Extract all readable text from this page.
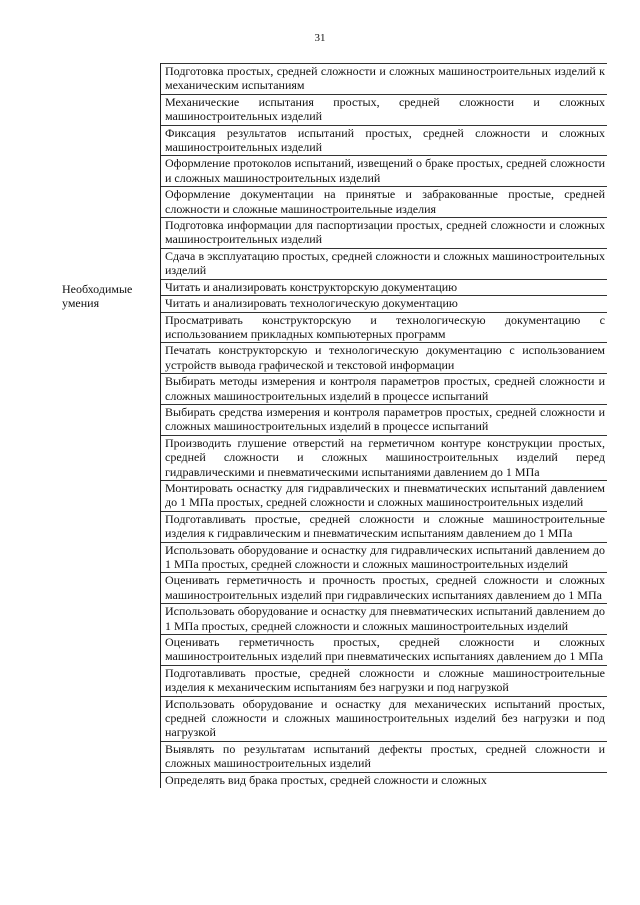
31
Подготовка простых, средней сложности и сложных машиностроительных изделий к механическим испытаниям
Механические испытания простых, средней сложности и сложных машиностроительных изделий
Фиксация результатов испытаний простых, средней сложности и сложных машиностроительных изделий
Оформление протоколов испытаний, извещений о браке простых, средней сложности и сложных машиностроительных изделий
Оформление документации на принятые и забракованные простые, средней сложности и сложные машиностроительные изделия
Подготовка информации для паспортизации простых, средней сложности и сложных машиностроительных изделий
Сдача в эксплуатацию простых, средней сложности и сложных машиностроительных изделий
Необходимые умения
Читать и анализировать конструкторскую документацию
Читать и анализировать технологическую документацию
Просматривать конструкторскую и технологическую документацию с использованием прикладных компьютерных программ
Печатать конструкторскую и технологическую документацию с использованием устройств вывода графической и текстовой информации
Выбирать методы измерения и контроля параметров простых, средней сложности и сложных машиностроительных изделий в процессе испытаний
Выбирать средства измерения и контроля параметров простых, средней сложности и сложных машиностроительных изделий в процессе испытаний
Производить глушение отверстий на герметичном контуре конструкции простых, средней сложности и сложных машиностроительных изделий перед гидравлическими и пневматическими испытаниями давлением до 1 МПа
Монтировать оснастку для гидравлических и пневматических испытаний давлением до 1 МПа простых, средней сложности и сложных машиностроительных изделий
Подготавливать простые, средней сложности и сложные машиностроительные изделия к гидравлическим и пневматическим испытаниям давлением до 1 МПа
Использовать оборудование и оснастку для гидравлических испытаний давлением до 1 МПа простых, средней сложности и сложных машиностроительных изделий
Оценивать герметичность и прочность простых, средней сложности и сложных машиностроительных изделий при гидравлических испытаниях давлением до 1 МПа
Использовать оборудование и оснастку для пневматических испытаний давлением до 1 МПа простых, средней сложности и сложных машиностроительных изделий
Оценивать герметичность простых, средней сложности и сложных машиностроительных изделий при пневматических испытаниях давлением до 1 МПа
Подготавливать простые, средней сложности и сложные машиностроительные изделия к механическим испытаниям без нагрузки и под нагрузкой
Использовать оборудование и оснастку для механических испытаний простых, средней сложности и сложных машиностроительных изделий без нагрузки и под нагрузкой
Выявлять по результатам испытаний дефекты простых, средней сложности и сложных машиностроительных изделий
Определять вид брака простых, средней сложности и сложных
